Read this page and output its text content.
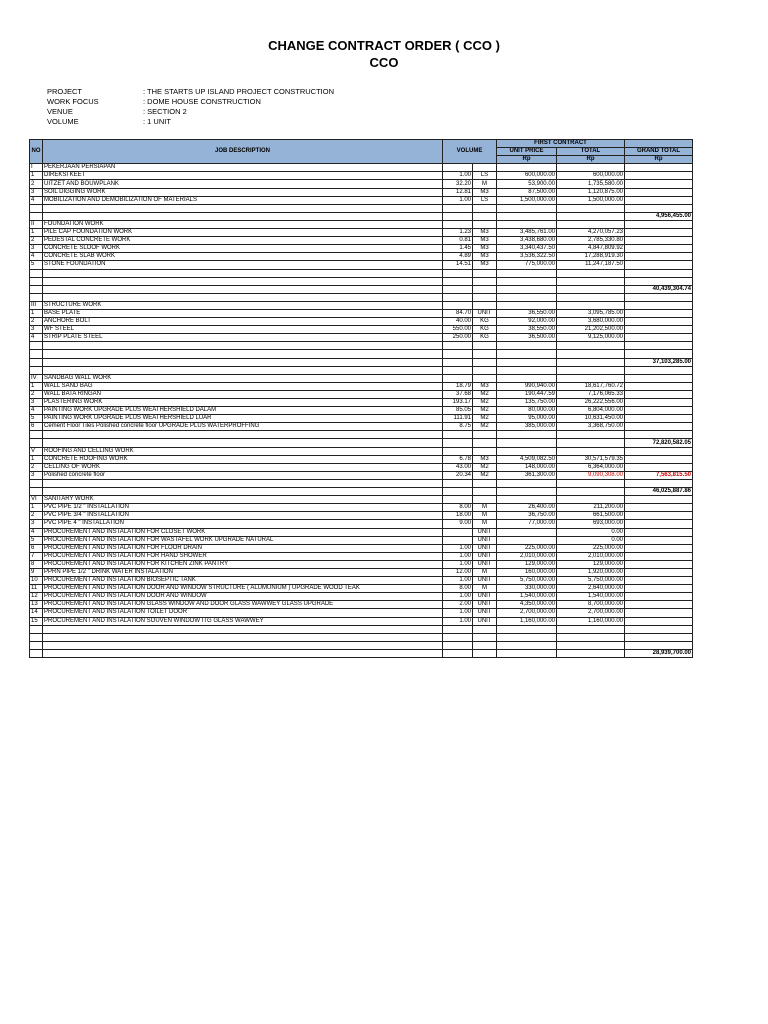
CHANGE CONTRACT ORDER ( CCO )
CCO
PROJECT	: THE STARTS UP ISLAND PROJECT CONSTRUCTION
WORK FOCUS	: DOME HOUSE CONSTRUCTION
VENUE	: SECTION 2
VOLUME	: 1 UNIT
NO	JOB DESCRIPTION	VOLUME		FIRST CONTRACT		
				UNIT PRICE	TOTAL	GRAND TOTAL
				Rp	Rp	Rp
I	PEKERJAAN PERSIAPAN					
1	DIREKSI KEET	1.00	LS	600,000.00	600,000.00	
2	UITZET AND BOUWPLANK	32.20	M	53,900.00	1,735,580.00	
3	SOIL DIGGING WORK	12.81	M3	87,500.00	1,120,875.00	
4	MOBILIZATION AND DEMOBILIZATION OF MATERIALS	1.00	LS	1,500,000.00	1,500,000.00	

						4,956,455.00
II	FOUNDATION WORK					
1	PILE CAP FOUNDATION WORK	1.23	M3	3,485,761.00	4,270,057.23	
2	PEDESTAL CONCRETE WORK	0.81	M3	3,438,680.00	2,785,330.80	
3	CONCRETE SLOOF WORK	1.45	M3	3,340,437.50	4,847,809.92	
4	CONCRETE SLAB WORK	4.89	M3	3,536,322.50	17,288,919.30	
5	STONE FOUNDATION	14.51	M3	775,000.00	11,247,187.50	

						40,439,304.74

III	STRUCTURE WORK					
1	BASE PLATE	84.70	UNIT	36,550.00	3,095,785.00	
2	ANCHORE BOLT	40.00	KG	92,000.00	3,680,000.00	
3	WF STEEL	550.00	KG	38,550.00	21,202,500.00	
4	STRIP PLATE STEEL	250.00	KG	36,500.00	9,125,000.00	

						37,103,285.00

IV	SANDBAG WALL WORK					
1	WALL SAND BAG	18.79	M3	990,940.00	18,617,760.72	
2	WALL BATA RINGAN	37.68	M2	190,447.59	7,176,065.33	
3	PLASTERING WORK	193.17	M2	135,750.00	26,222,556.00	
4	PAINTING WORK UPGRADE PLUS WEATHERSHIELD DALAM	85.05	M2	80,000.00	6,804,000.00	
5	PAINTING WORK UPGRADE PLUS WEATHERSHIELD LUAR	111.91	M2	95,000.00	10,631,450.00	
6	Cement Floor Tiles Polished concrete floor UPGRADE PLUS WATERPROFFING	8.75	M2	385,000.00	3,368,750.00	

						72,820,582.05
V	ROOFING AND CELLING WORK					
1	CONCRETE ROOFING WORK	6.78	M3	4,509,082.50	30,571,579.35	
2	CELLING OF WORK	43.00	M2	148,000.00	6,364,000.00	
3	Polished concrete floor	20.34	M2	361,300.00	9,090,308.00	7,563,815.50

						46,025,887.86
VI	SANITARY WORK					
1	PVC PIPE 1/2 " INSTALLATION	8.00	M	26,400.00	211,200.00	
2	PVC PIPE 3/4 " INSTALLATION	18.00	M	36,750.00	661,500.00	
3	PVC PIPE 4 " INSTALLATION	9.00	M	77,000.00	693,000.00	
4	PROCUREMENT AND INSTALATION FOR CLOSET WORK		UNIT		0.00	
5	PROCUREMENT AND INSTALATION FOR WASTAFEL WORK UPGRADE NATURAL		UNIT		0.00	
6	PROCUREMENT AND INSTALATION FOR FLOOR DRAIN	1.00	UNIT	225,000.00	225,000.00	
7	PROCUREMENT AND INSTALATION FOR HAND SHOWER	1.00	UNIT	2,010,000.00	2,010,000.00	
8	PROCUREMENT AND INSTALATION FOR KITCHEN ZINK PANTRY	1.00	UNIT	129,000.00	129,000.00	
9	PPRN PIPE 1/2 " DRINK WATER INSTALATION	12.00	M	160,000.00	1,920,000.00	
10	PROCUREMENT AND INSTALATION BIOSEPTIC TANK	1.00	UNIT	5,750,000.00	5,750,000.00	
11	PROCUREMENT AND INSTALATION DOOR AND WINDOW STRUCTURE ( ALUMUNIUM ) UPGRADE WOOD TEAK	8.00	M	330,000.00	2,640,000.00	
12	PROCUREMENT AND INSTALATION DOOR AND WINDOW	1.00	UNIT	1,540,000.00	1,540,000.00	
13	PROCUREMENT AND INSTALATION GLASS WINDOW AND DOOR GLASS WAWWEY GLASS UPGRADE	2.00	UNIT	4,350,000.00	8,700,000.00	
14	PROCUREMENT AND INSTALATION TOILET DOOR	1.00	UNIT	2,700,000.00	2,700,000.00	
15	PROCUREMENT AND INSTALATION SOUVEN WINDOW ITG GLASS WAWWEY	1.00	UNIT	1,160,000.00	1,160,000.00	

						28,939,700.00
